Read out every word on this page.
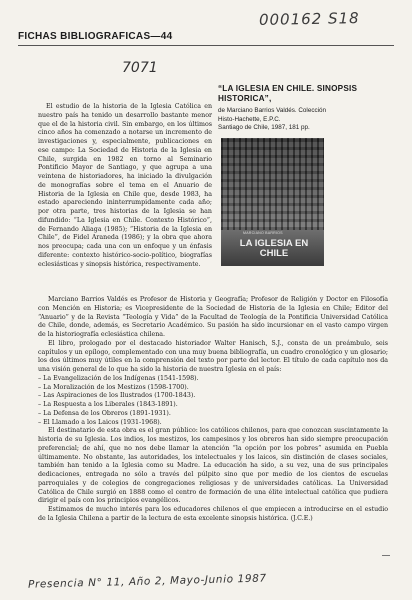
000162 S18
FICHAS BIBLIOGRAFICAS—44
7071
“LA IGLESIA EN CHILE. SINOPSIS HISTORICA”,
de Marciano Barrios Valdés. Colección
Histo-Hachette, E.P.C.
Santiago de Chile, 1987, 181 pp.
MARCIANO BARRIOS
LA IGLESIA EN CHILE

El estudio de la historia de la Iglesia Católica en nuestro país ha tenido un desarrollo bastante menor que el de la historia civil. Sin embargo, en los últimos cinco años ha comenzado a notarse un incremento de investigaciones y, especialmente, publicaciones en ese campo: La Sociedad de Historia de la Iglesia en Chile, surgida en 1982 en torno al Seminario Pontificio Mayor de Santiago, y que agrupa a una veintena de historiadores, ha iniciado la divulgación de monografías sobre el tema en el Anuario de Historia de la Iglesia en Chile que, desde 1983, ha estado apareciendo ininterrumpidamente cada año; por otra parte, tres historias de la Iglesia se han difundido: “La Iglesia en Chile. Contexto Histórico”, de Fernando Aliaga (1985); “Historia de la Iglesia en Chile”, de Fidel Araneda (1986); y la obra que ahora nos preocupa; cada una con un enfoque y un énfasis diferente: contexto histórico-socio-político, biografías eclesiásticas y sinopsis histórica, respectivamente.

Marciano Barrios Valdés es Profesor de Historia y Geografía; Profesor de Religión y Doctor en Filosofía con Mención en Historia; es Vicepresidente de la Sociedad de Historia de la Iglesia en Chile; Editor del “Anuario” y de la Revista “Teología y Vida” de la Facultad de Teología de la Pontificia Universidad Católica de Chile, donde, además, es Secretario Académico. Su pasión ha sido incursionar en el vasto campo virgen de la historiografía eclesiástica chilena.

El libro, prologado por el destacado historiador Walter Hanisch, S.J., consta de un preámbulo, seis capítulos y un epílogo, complementado con una muy buena bibliografía, un cuadro cronológico y un glosario; los dos últimos muy útiles en la comprensión del texto por parte del lector. El título de cada capítulo nos da una visión general de lo que ha sido la historia de nuestra Iglesia en el país:

– La Evangelización de los Indígenas (1541-1598).
– La Moralización de los Mestizos (1598-1700).
– Las Aspiraciones de los Ilustrados (1700-1843).
– La Respuesta a los Liberales (1843-1891).
– La Defensa de los Obreros (1891-1931).
– El Llamado a los Laicos (1931-1968).

El destinatario de esta obra es el gran público: los católicos chilenos, para que conozcan suscintamente la historia de su Iglesia. Los indios, los mestizos, los campesinos y los obreros han sido siempre preocupación preferencial; de ahí, que no nos debe llamar la atención “la opción por los pobres” asumida en Puebla últimamente. No obstante, las autoridades, los intelectuales y los laicos, sin distinción de clases sociales, también han tenido a la Iglesia como su Madre. La educación ha sido, a su vez, una de sus principales dedicaciones, entregada no sólo a través del púlpito sino que por medio de los cientos de escuelas parroquiales y de colegios de congregaciones religiosas y de universidades católicas. La Universidad Católica de Chile surgió en 1888 como el centro de formación de una élite intelectual católica que pudiera dirigir el país con los principios evangélicos.

Estimamos de mucho interés para los educadores chilenos el que empiecen a introducirse en el estudio de la Iglesia Chilena a partir de la lectura de esta excelente sinopsis histórica. (J.C.E.)

Presencia N° 11, Año 2, Mayo-Junio 1987
